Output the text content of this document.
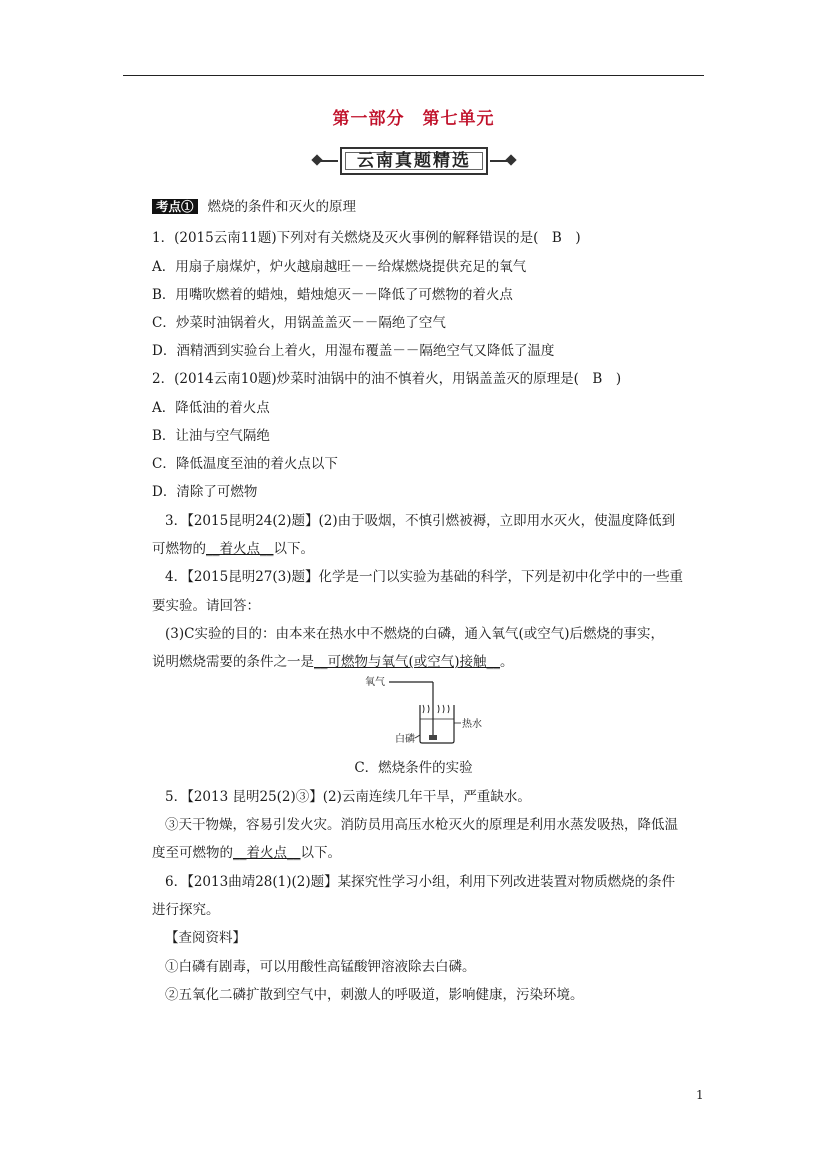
第一部分　第七单元
云南真题精选
考点① 燃烧的条件和灭火的原理
1．(2015云南11题)下列对有关燃烧及灭火事例的解释错误的是(　B　)
A．用扇子扇煤炉，炉火越扇越旺－－给煤燃烧提供充足的氧气
B．用嘴吹燃着的蜡烛，蜡烛熄灭－－降低了可燃物的着火点
C．炒菜时油锅着火，用锅盖盖灭－－隔绝了空气
D．酒精洒到实验台上着火，用湿布覆盖－－隔绝空气又降低了温度
2．(2014云南10题)炒菜时油锅中的油不慎着火，用锅盖盖灭的原理是(　B　)
A．降低油的着火点
B．让油与空气隔绝
C．降低温度至油的着火点以下
D．清除了可燃物
3．【2015昆明24(2)题】(2)由于吸烟，不慎引燃被褥，立即用水灭火，使温度降低到
可燃物的__着火点__以下。
4．【2015昆明27(3)题】化学是一门以实验为基础的科学，下列是初中化学中的一些重
要实验。请回答：
(3)C实验的目的：由本来在热水中不燃烧的白磷，通入氧气(或空气)后燃烧的事实，
说明燃烧需要的条件之一是__可燃物与氧气(或空气)接触__。
氧气
热水
白磷
C．燃烧条件的实验
5．【2013 昆明25(2)③】(2)云南连续几年干旱，严重缺水。
③天干物燥，容易引发火灾。消防员用高压水枪灭火的原理是利用水蒸发吸热，降低温
度至可燃物的__着火点__以下。
6．【2013曲靖28(1)(2)题】某探究性学习小组，利用下列改进装置对物质燃烧的条件
进行探究。
【查阅资料】
①白磷有剧毒，可以用酸性高锰酸钾溶液除去白磷。
②五氧化二磷扩散到空气中，刺激人的呼吸道，影响健康，污染环境。
1
